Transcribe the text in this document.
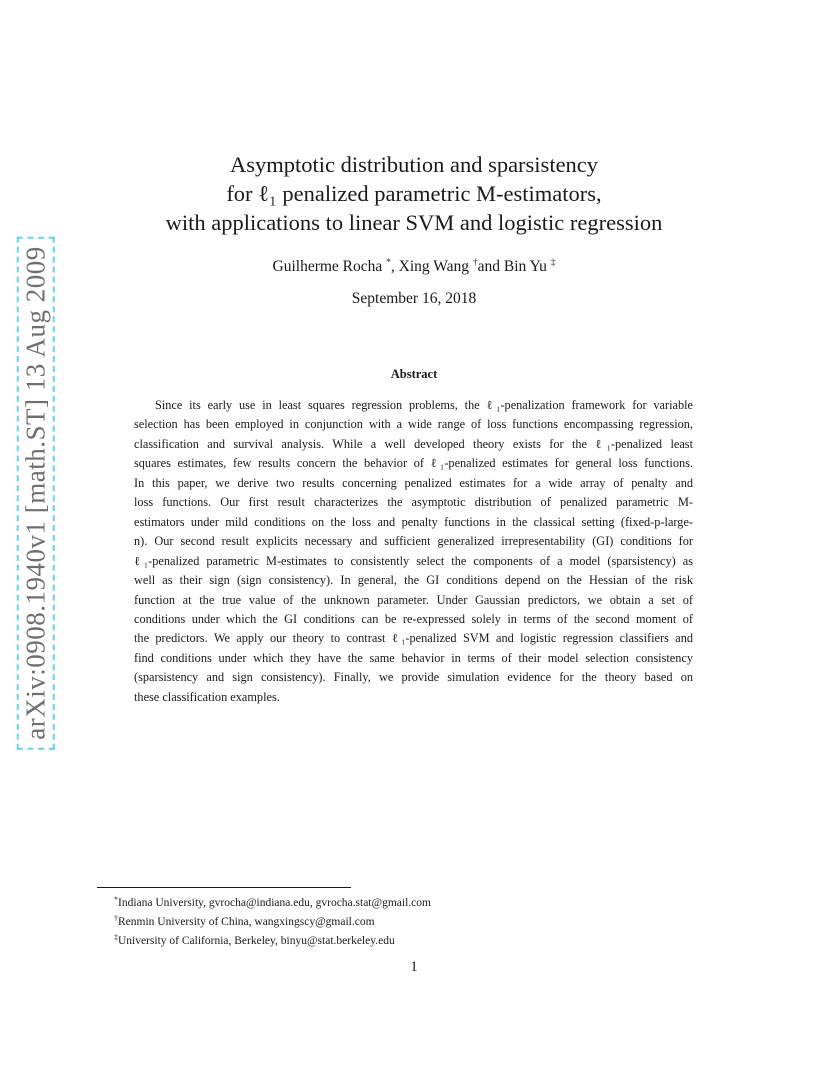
arXiv:0908.1940v1 [math.ST] 13 Aug 2009
Asymptotic distribution and sparsistency
for ℓ₁ penalized parametric M-estimators,
with applications to linear SVM and logistic regression
Guilherme Rocha *, Xing Wang †and Bin Yu ‡
September 16, 2018
Abstract
Since its early use in least squares regression problems, the ℓ₁-penalization framework for variable
selection has been employed in conjunction with a wide range of loss functions encompassing regression,
classification and survival analysis. While a well developed theory exists for the ℓ₁-penalized least
squares estimates, few results concern the behavior of ℓ₁-penalized estimates for general loss functions.
In this paper, we derive two results concerning penalized estimates for a wide array of penalty and
loss functions. Our first result characterizes the asymptotic distribution of penalized parametric M-
estimators under mild conditions on the loss and penalty functions in the classical setting (fixed-p-large-
n). Our second result explicits necessary and sufficient generalized irrepresentability (GI) conditions for
ℓ₁-penalized parametric M-estimates to consistently select the components of a model (sparsistency) as
well as their sign (sign consistency). In general, the GI conditions depend on the Hessian of the risk
function at the true value of the unknown parameter. Under Gaussian predictors, we obtain a set of
conditions under which the GI conditions can be re-expressed solely in terms of the second moment of
the predictors. We apply our theory to contrast ℓ₁-penalized SVM and logistic regression classifiers and
find conditions under which they have the same behavior in terms of their model selection consistency
(sparsistency and sign consistency). Finally, we provide simulation evidence for the theory based on
these classification examples.
*Indiana University, gvrocha@indiana.edu, gvrocha.stat@gmail.com
†Renmin University of China, wangxingscy@gmail.com
‡University of California, Berkeley, binyu@stat.berkeley.edu
1
